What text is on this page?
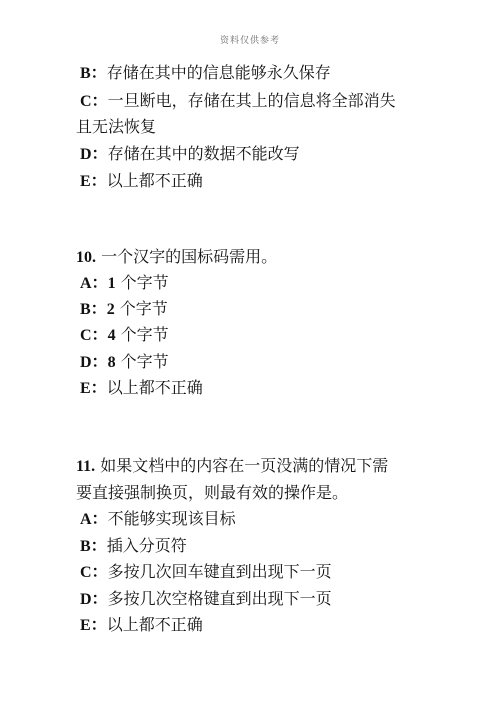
资料仅供参考
B：存储在其中的信息能够永久保存
C：一旦断电，存储在其上的信息将全部消失
且无法恢复
D：存储在其中的数据不能改写
E：以上都不正确
10. 一个汉字的国标码需用。
A：1 个字节
B：2 个字节
C：4 个字节
D：8 个字节
E：以上都不正确
11. 如果文档中的内容在一页没满的情况下需
要直接强制换页，则最有效的操作是。
A：不能够实现该目标
B：插入分页符
C：多按几次回车键直到出现下一页
D：多按几次空格键直到出现下一页
E：以上都不正确
